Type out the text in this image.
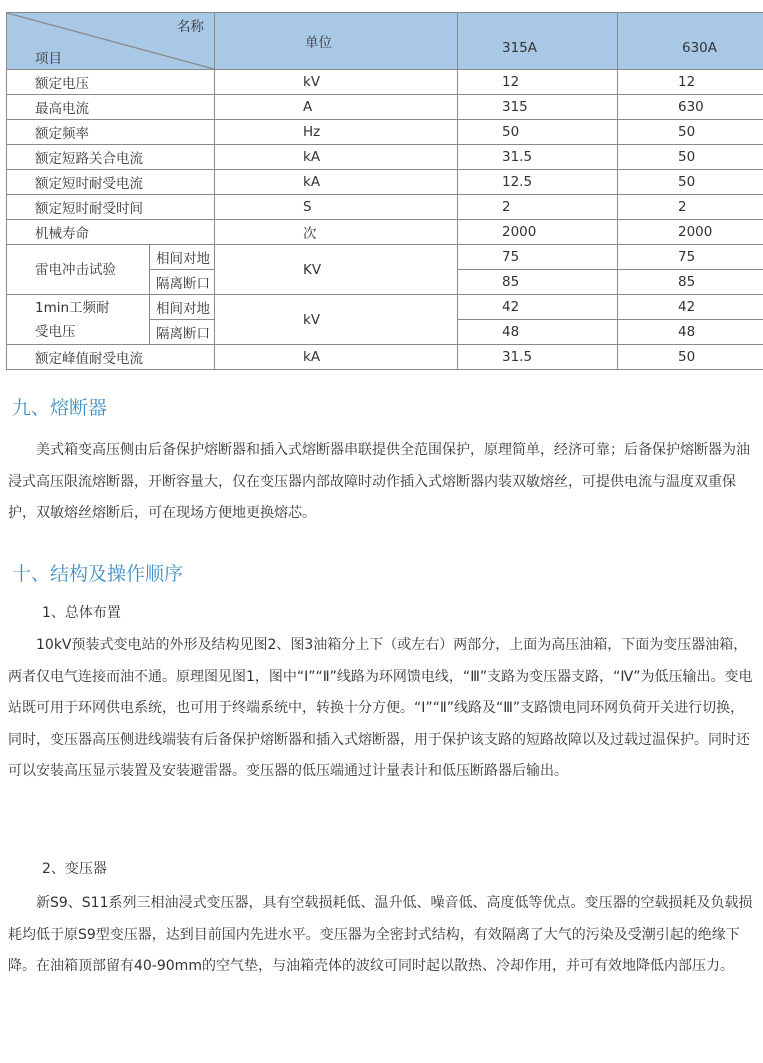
名称
项目		单位	315A	630A
额定电压		kV	12	12
最高电流		A	315	630
额定频率		Hz	50	50
额定短路关合电流		kA	31.5	50
额定短时耐受电流		kA	12.5	50
额定短时耐受时间		S	2	2
机械寿命		次	2000	2000
雷电冲击试验	相间对地	KV	75	75
	隔离断口		85	85

1min工频耐
受电压	相间对地	kV	42	42
	隔离断口		48	48
额定峰值耐受电流		kA	31.5	50
九、熔断器

　　美式箱变高压侧由后备保护熔断器和插入式熔断器串联提供全范围保护，原理简单，经济可靠；后备保护熔断器为油浸式高压限流熔断器，开断容量大，仅在变压器内部故障时动作插入式熔断器内装双敏熔丝，可提供电流与温度双重保护，双敏熔丝熔断后，可在现场方便地更换熔芯。

十、结构及操作顺序
1、总体布置

　　10kV预装式变电站的外形及结构见图2、图3油箱分上下（或左右）两部分，上面为高压油箱，下面为变压器油箱，两者仅电气连接而油不通。原理图见图1，图中“Ⅰ”“Ⅱ”线路为环网馈电线，“Ⅲ”支路为变压器支路，“Ⅳ”为低压输出。变电站既可用于环网供电系统，也可用于终端系统中，转换十分方便。“Ⅰ”“Ⅱ”线路及“Ⅲ”支路馈电同环网负荷开关进行切换，同时，变压器高压侧进线端装有后备保护熔断器和插入式熔断器，用于保护该支路的短路故障以及过载过温保护。同时还可以安装高压显示装置及安装避雷器。变压器的低压端通过计量表计和低压断路器后输出。

2、变压器

　　新S9、S11系列三相油浸式变压器，具有空载损耗低、温升低、噪音低、高度低等优点。变压器的空载损耗及负载损耗均低于原S9型变压器，达到目前国内先进水平。变压器为全密封式结构，有效隔离了大气的污染及受潮引起的绝缘下降。在油箱顶部留有40-90mm的空气垫，与油箱壳体的波纹可同时起以散热、冷却作用，并可有效地降低内部压力。
